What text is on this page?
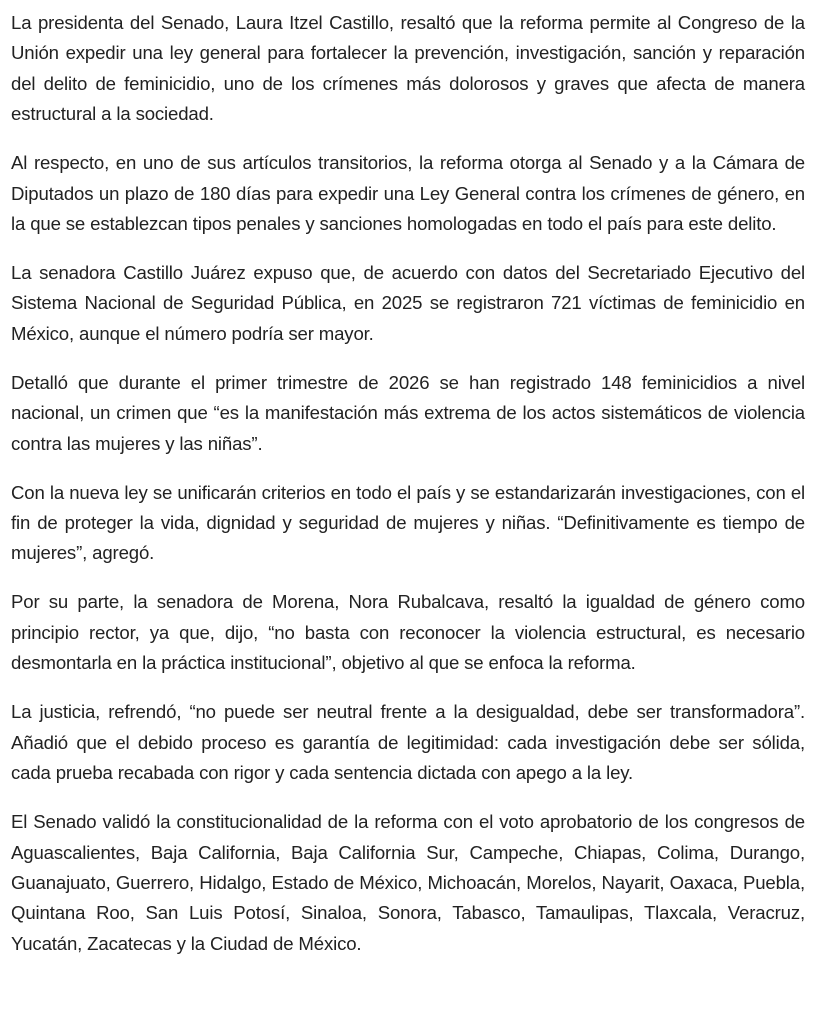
La presidenta del Senado, Laura Itzel Castillo, resaltó que la reforma permite al Congreso de la Unión expedir una ley general para fortalecer la prevención, investigación, sanción y reparación del delito de feminicidio, uno de los crímenes más dolorosos y graves que afecta de manera estructural a la sociedad.

Al respecto, en uno de sus artículos transitorios, la reforma otorga al Senado y a la Cámara de Diputados un plazo de 180 días para expedir una Ley General contra los crímenes de género, en la que se establezcan tipos penales y sanciones homologadas en todo el país para este delito.

La senadora Castillo Juárez expuso que, de acuerdo con datos del Secretariado Ejecutivo del Sistema Nacional de Seguridad Pública, en 2025 se registraron 721 víctimas de feminicidio en México, aunque el número podría ser mayor.

Detalló que durante el primer trimestre de 2026 se han registrado 148 feminicidios a nivel nacional, un crimen que “es la manifestación más extrema de los actos sistemáticos de violencia contra las mujeres y las niñas”.

Con la nueva ley se unificarán criterios en todo el país y se estandarizarán investigaciones, con el fin de proteger la vida, dignidad y seguridad de mujeres y niñas. “Definitivamente es tiempo de mujeres”, agregó.

Por su parte, la senadora de Morena, Nora Rubalcava, resaltó la igualdad de género como principio rector, ya que, dijo, “no basta con reconocer la violencia estructural, es necesario desmontarla en la práctica institucional”, objetivo al que se enfoca la reforma.

La justicia, refrendó, “no puede ser neutral frente a la desigualdad, debe ser transformadora”. Añadió que el debido proceso es garantía de legitimidad: cada investigación debe ser sólida, cada prueba recabada con rigor y cada sentencia dictada con apego a la ley.

El Senado validó la constitucionalidad de la reforma con el voto aprobatorio de los congresos de Aguascalientes, Baja California, Baja California Sur, Campeche, Chiapas, Colima, Durango, Guanajuato, Guerrero, Hidalgo, Estado de México, Michoacán, Morelos, Nayarit, Oaxaca, Puebla, Quintana Roo, San Luis Potosí, Sinaloa, Sonora, Tabasco, Tamaulipas, Tlaxcala, Veracruz, Yucatán, Zacatecas y la Ciudad de México.
